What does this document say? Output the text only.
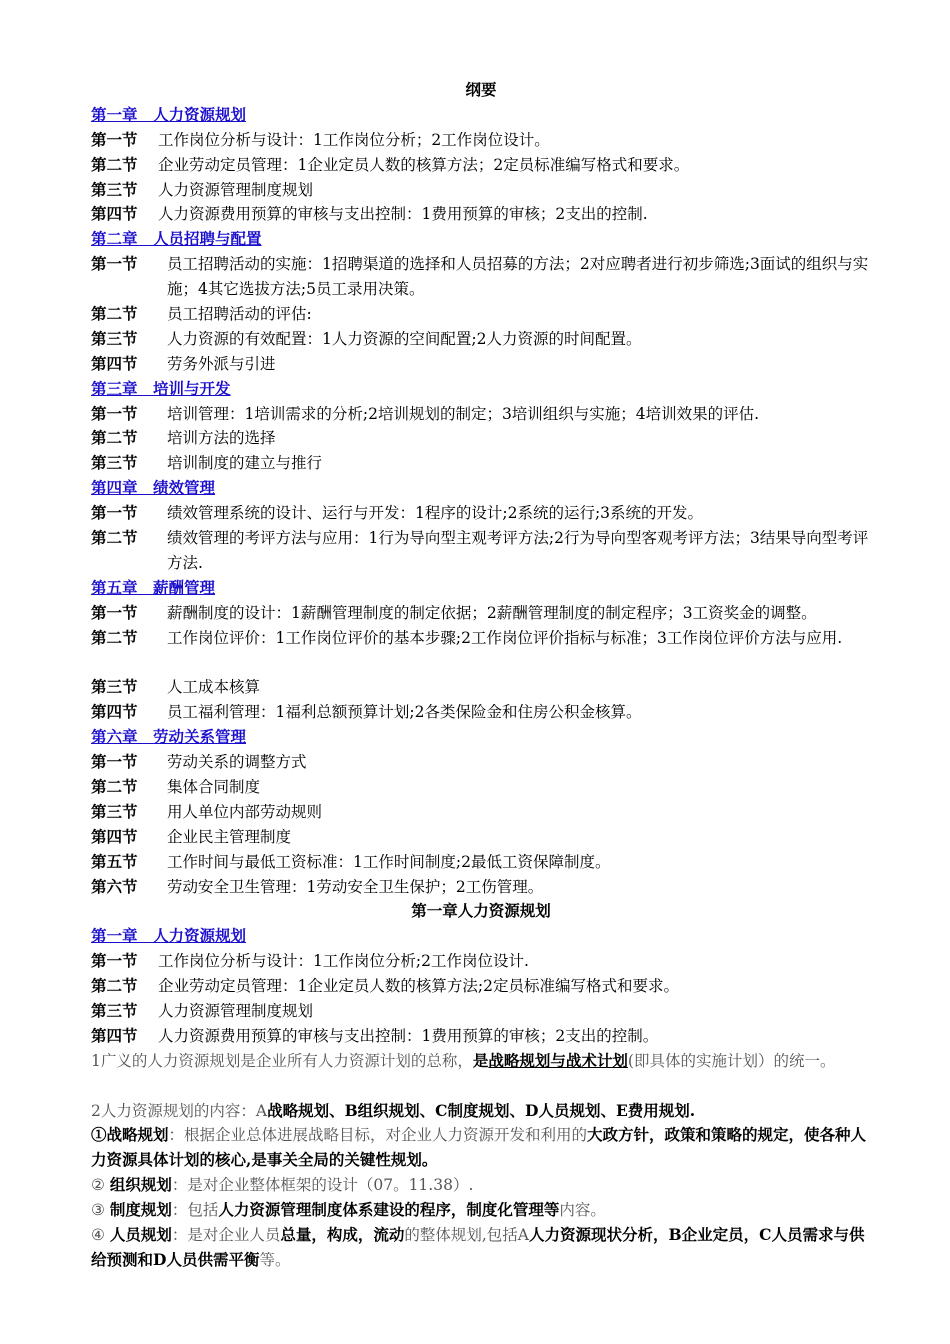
纲要
第一章　人力资源规划
第一节	工作岗位分析与设计：1工作岗位分析；2工作岗位设计。
第二节	企业劳动定员管理：1企业定员人数的核算方法；2定员标准编写格式和要求。
第三节	人力资源管理制度规划
第四节	人力资源费用预算的审核与支出控制：1费用预算的审核；2支出的控制.
第二章　人员招聘与配置
第一节	员工招聘活动的实施：1招聘渠道的选择和人员招募的方法；2对应聘者进行初步筛选;3面试的组织与实施；4其它选拔方法;5员工录用决策。
第二节	员工招聘活动的评估:
第三节	人力资源的有效配置：1人力资源的空间配置;2人力资源的时间配置。
第四节	劳务外派与引进
第三章　培训与开发
第一节	培训管理：1培训需求的分析;2培训规划的制定；3培训组织与实施；4培训效果的评估.
第二节	培训方法的选择
第三节	培训制度的建立与推行
第四章　绩效管理
第一节	绩效管理系统的设计、运行与开发：1程序的设计;2系统的运行;3系统的开发。
第二节	绩效管理的考评方法与应用：1行为导向型主观考评方法;2行为导向型客观考评方法；3结果导向型考评方法.
第五章　薪酬管理
第一节	薪酬制度的设计：1薪酬管理制度的制定依据；2薪酬管理制度的制定程序；3工资奖金的调整。
第二节	工作岗位评价：1工作岗位评价的基本步骤;2工作岗位评价指标与标准；3工作岗位评价方法与应用.
第三节	人工成本核算
第四节	员工福利管理：1福利总额预算计划;2各类保险金和住房公积金核算。
第六章　劳动关系管理
第一节	劳动关系的调整方式
第二节	集体合同制度
第三节	用人单位内部劳动规则
第四节	企业民主管理制度
第五节	工作时间与最低工资标准：1工作时间制度;2最低工资保障制度。
第六节	劳动安全卫生管理：1劳动安全卫生保护；2工伤管理。
第一章人力资源规划
第一章　人力资源规划
第一节	工作岗位分析与设计：1工作岗位分析;2工作岗位设计.
第二节	企业劳动定员管理：1企业定员人数的核算方法;2定员标准编写格式和要求。
第三节	人力资源管理制度规划
第四节	人力资源费用预算的审核与支出控制：1费用预算的审核；2支出的控制。
1广义的人力资源规划是企业所有人力资源计划的总称，是战略规划与战术计划(即具体的实施计划）的统一。
2人力资源规划的内容：A战略规划、B组织规划、C制度规划、D人员规划、E费用规划.
①战略规划：根据企业总体进展战略目标，对企业人力资源开发和利用的大政方针，政策和策略的规定，使各种人力资源具体计划的核心,是事关全局的关键性规划。
② 组织规划：是对企业整体框架的设计（07。11.38）.
③ 制度规划：包括人力资源管理制度体系建设的程序，制度化管理等内容。
④ 人员规划：是对企业人员总量，构成，流动的整体规划,包括A人力资源现状分析，B企业定员，C人员需求与供给预测和D人员供需平衡等。
